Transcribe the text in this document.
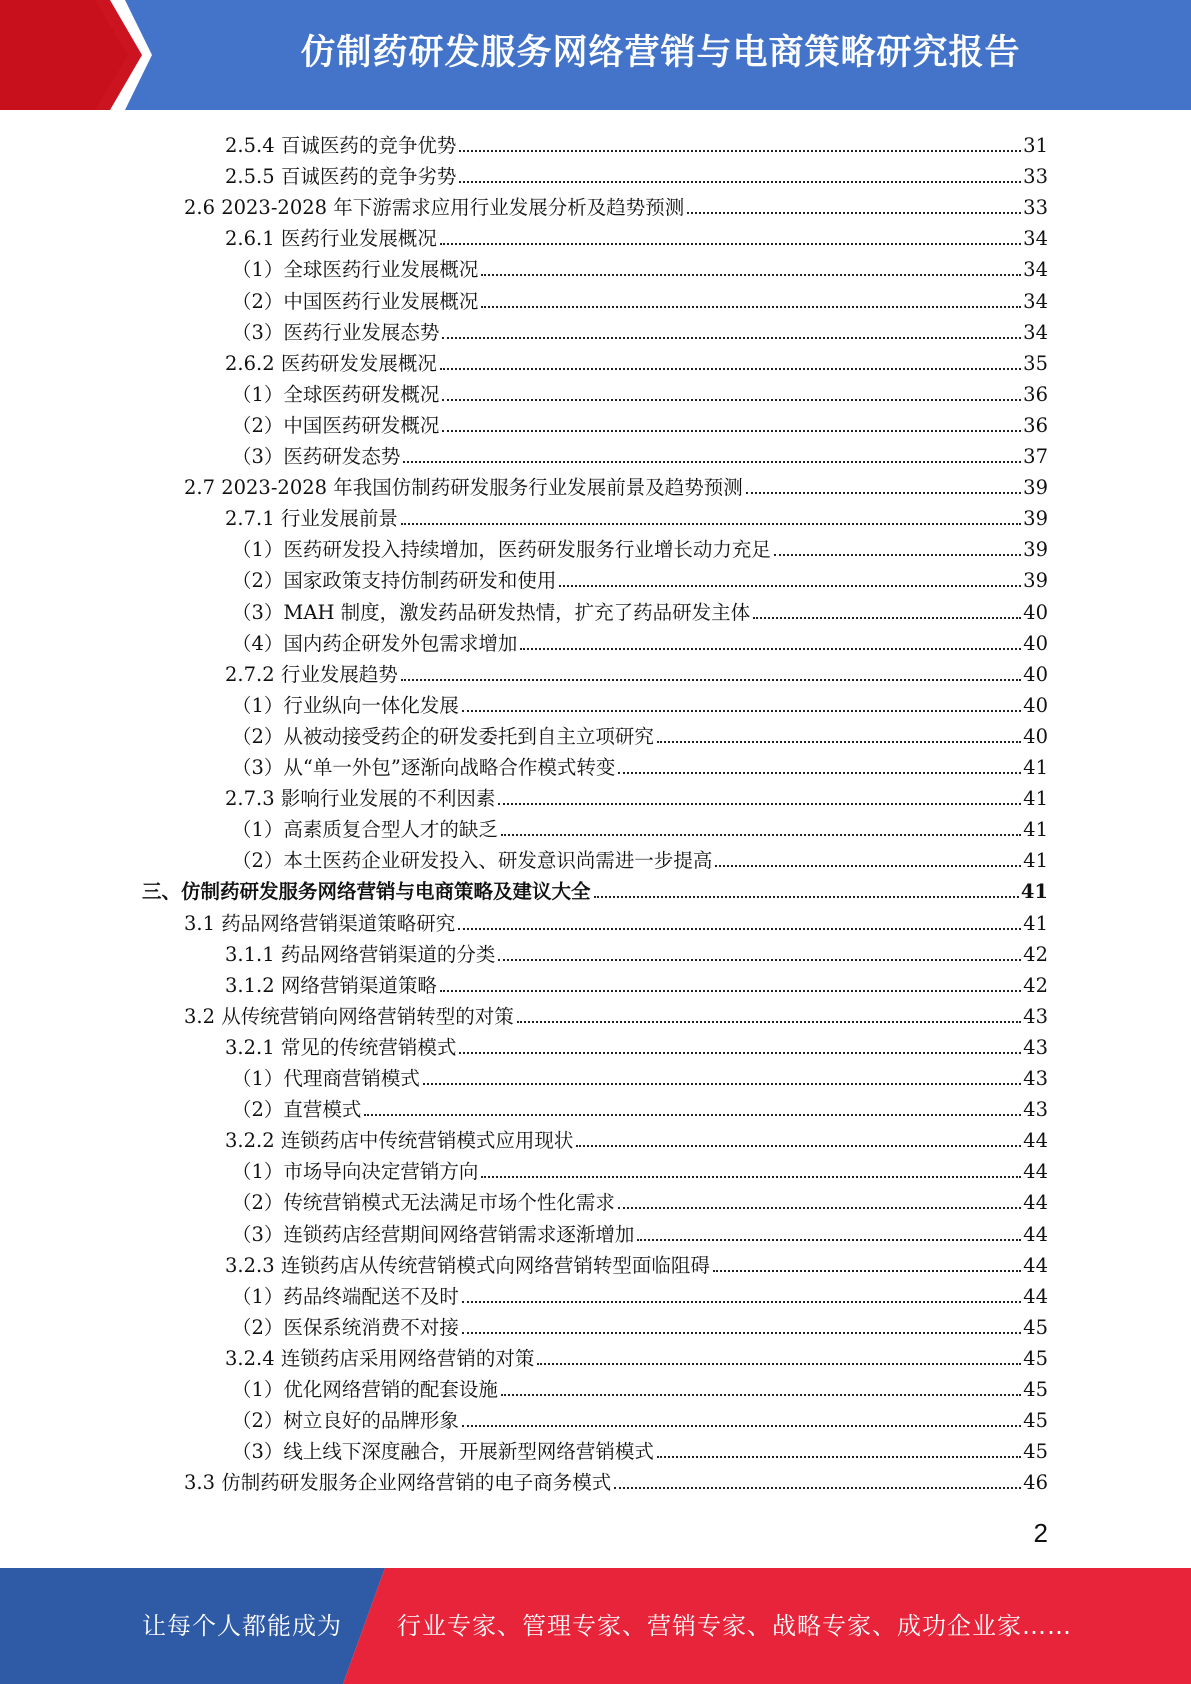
仿制药研发服务网络营销与电商策略研究报告
2.5.4 百诚医药的竞争优势	31
2.5.5 百诚医药的竞争劣势	33
2.6 2023-2028 年下游需求应用行业发展分析及趋势预测	33
2.6.1 医药行业发展概况	34
（1）全球医药行业发展概况	34
（2）中国医药行业发展概况	34
（3）医药行业发展态势	34
2.6.2 医药研发发展概况	35
（1）全球医药研发概况	36
（2）中国医药研发概况	36
（3）医药研发态势	37
2.7 2023-2028 年我国仿制药研发服务行业发展前景及趋势预测	39
2.7.1 行业发展前景	39
（1）医药研发投入持续增加，医药研发服务行业增长动力充足	39
（2）国家政策支持仿制药研发和使用	39
（3）MAH 制度，激发药品研发热情，扩充了药品研发主体	40
（4）国内药企研发外包需求增加	40
2.7.2 行业发展趋势	40
（1）行业纵向一体化发展	40
（2）从被动接受药企的研发委托到自主立项研究	40
（3）从“单一外包”逐渐向战略合作模式转变	41
2.7.3 影响行业发展的不利因素	41
（1）高素质复合型人才的缺乏	41
（2）本土医药企业研发投入、研发意识尚需进一步提高	41
三、仿制药研发服务网络营销与电商策略及建议大全	41
3.1 药品网络营销渠道策略研究	41
3.1.1 药品网络营销渠道的分类	42
3.1.2 网络营销渠道策略	42
3.2 从传统营销向网络营销转型的对策	43
3.2.1 常见的传统营销模式	43
（1）代理商营销模式	43
（2）直营模式	43
3.2.2 连锁药店中传统营销模式应用现状	44
（1）市场导向决定营销方向	44
（2）传统营销模式无法满足市场个性化需求	44
（3）连锁药店经营期间网络营销需求逐渐增加	44
3.2.3 连锁药店从传统营销模式向网络营销转型面临阻碍	44
（1）药品终端配送不及时	44
（2）医保系统消费不对接	45
3.2.4 连锁药店采用网络营销的对策	45
（1）优化网络营销的配套设施	45
（2）树立良好的品牌形象	45
（3）线上线下深度融合，开展新型网络营销模式	45
3.3 仿制药研发服务企业网络营销的电子商务模式	46
2
让每个人都能成为 行业专家、管理专家、营销专家、战略专家、成功企业家……
